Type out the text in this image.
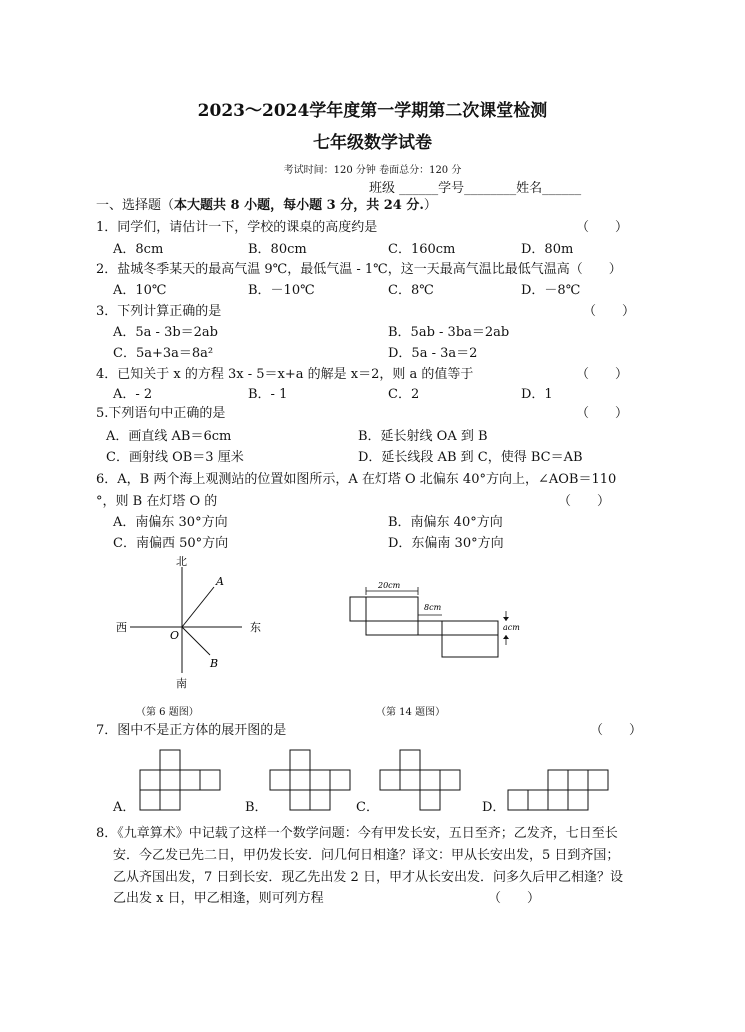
2023～2024学年度第一学期第二次课堂检测
七年级数学试卷
考试时间：120 分钟 卷面总分：120 分
班级 ______学号________姓名______
一、选择题（本大题共 8 小题，每小题 3 分，共 24 分.）
1．同学们，请估计一下，学校的课桌的高度约是	（　　）
A．8cm	B．80cm	C．160cm	D．80m
2．盐城冬季某天的最高气温 9℃，最低气温 - 1℃，这一天最高气温比最低气温高（　　）
A．10℃	B．－10℃	C．8℃	D．－8℃
3．下列计算正确的是	（　　）
A．5a - 3b＝2ab	B．5ab - 3ba＝2ab
C．5a+3a＝8a²	D．5a - 3a＝2
4．已知关于 x 的方程 3x - 5＝x+a 的解是 x＝2，则 a 的值等于	（　　）
A．- 2	B．- 1	C．2	D．1
5.下列语句中正确的是	（　　）
A．画直线 AB＝6cm	B．延长射线 OA 到 B
C．画射线 OB＝3 厘米	D．延长线段 AB 到 C，使得 BC＝AB
6．A，B 两个海上观测站的位置如图所示，A 在灯塔 O 北偏东 40°方向上，∠AOB＝110
°，则 B 在灯塔 O 的	（　　）
A．南偏东 30°方向	B．南偏东 40°方向
C．南偏西 50°方向	D．东偏南 30°方向
北
南
西	东
O
A
B
（第 6 题图）
20cm
8cm
acm
（第 14 题图）
7．图中不是正方体的展开图的是	（　　）
A．	B．	C．	D．
8．《九章算术》中记载了这样一个数学问题：今有甲发长安，五日至齐；乙发齐，七日至长
安．今乙发已先二日，甲仍发长安．问几何日相逢？译文：甲从长安出发，5 日到齐国；
乙从齐国出发，7 日到长安．现乙先出发 2 日，甲才从长安出发．问多久后甲乙相逢？设
乙出发 x 日，甲乙相逢，则可列方程	（　　）
